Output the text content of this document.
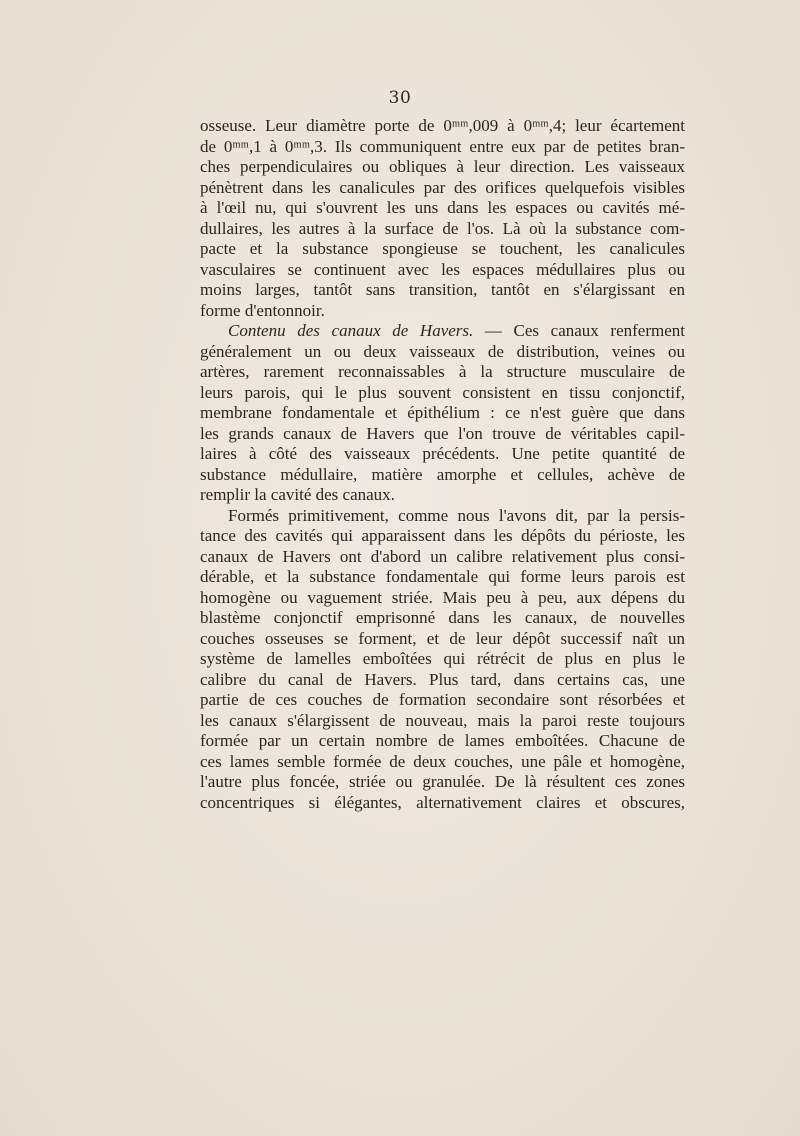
30
osseuse. Leur diamètre porte de 0ᵐᵐ,009 à 0ᵐᵐ,4; leur écartement
de 0ᵐᵐ,1 à 0ᵐᵐ,3. Ils communiquent entre eux par de petites bran-
ches perpendiculaires ou obliques à leur direction. Les vaisseaux
pénètrent dans les canalicules par des orifices quelquefois visibles
à l'œil nu, qui s'ouvrent les uns dans les espaces ou cavités mé-
dullaires, les autres à la surface de l'os. Là où la substance com-
pacte et la substance spongieuse se touchent, les canalicules
vasculaires se continuent avec les espaces médullaires plus ou
moins larges, tantôt sans transition, tantôt en s'élargissant en
forme d'entonnoir.
Contenu des canaux de Havers. — Ces canaux renferment
généralement un ou deux vaisseaux de distribution, veines ou
artères, rarement reconnaissables à la structure musculaire de
leurs parois, qui le plus souvent consistent en tissu conjonctif,
membrane fondamentale et épithélium : ce n'est guère que dans
les grands canaux de Havers que l'on trouve de véritables capil-
laires à côté des vaisseaux précédents. Une petite quantité de
substance médullaire, matière amorphe et cellules, achève de
remplir la cavité des canaux.
Formés primitivement, comme nous l'avons dit, par la persis-
tance des cavités qui apparaissent dans les dépôts du périoste, les
canaux de Havers ont d'abord un calibre relativement plus consi-
dérable, et la substance fondamentale qui forme leurs parois est
homogène ou vaguement striée. Mais peu à peu, aux dépens du
blastème conjonctif emprisonné dans les canaux, de nouvelles
couches osseuses se forment, et de leur dépôt successif naît un
système de lamelles emboîtées qui rétrécit de plus en plus le
calibre du canal de Havers. Plus tard, dans certains cas, une
partie de ces couches de formation secondaire sont résorbées et
les canaux s'élargissent de nouveau, mais la paroi reste toujours
formée par un certain nombre de lames emboîtées. Chacune de
ces lames semble formée de deux couches, une pâle et homogène,
l'autre plus foncée, striée ou granulée. De là résultent ces zones
concentriques si élégantes, alternativement claires et obscures,
